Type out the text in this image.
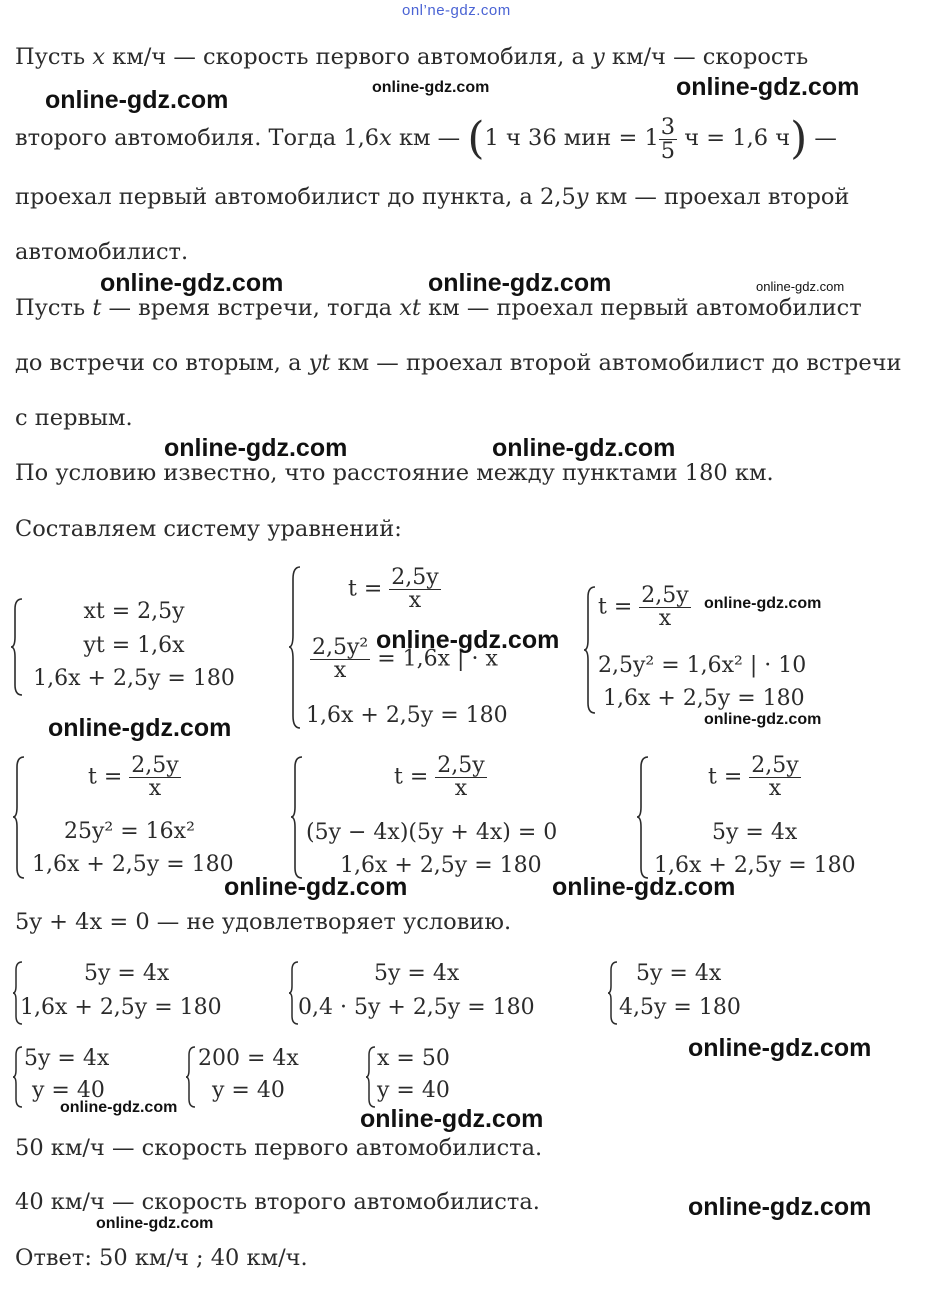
onl’ne-gdz.com
Пусть x км/ч — скорость первого автомобиля, а y км/ч — скорость
второго автомобиля. Тогда 1,6x км — (1 ч 36 мин = $1 \frac{3}{5}$ ч = 1,6 ч) —
проехал первый автомобилист до пункта, а 2,5y км — проехал второй
автомобилист.
Пусть t — время встречи, тогда xt км — проехал первый автомобилист
до встречи со вторым, а yt км — проехал второй автомобилист до встречи
с первым.
По условию известно, что расстояние между пунктами 180 км.
Составляем систему уравнений:
xt = 2,5y
yt = 1,6x
1,6x + 2,5y = 180
$t = \frac{2,5y}{x}$
$\frac{\text{2,5y²}}{x} = 1,6x$ | · x
1,6x + 2,5y = 180
$t = \frac{2,5y}{x}$
2,5y² = 1,6x² | · 10
1,6x + 2,5y = 180
$t = \frac{2,5y}{x}$
25y² = 16x²
1,6x + 2,5y = 180
$t = \frac{2,5y}{x}$
(5y − 4x)(5y + 4x) = 0
1,6x + 2,5y = 180
$t = \frac{2,5y}{x}$
5y = 4x
1,6x + 2,5y = 180
5y + 4x = 0 — не удовлетворяет условию.
5y = 4x
1,6x + 2,5y = 180
5y = 4x
0,4 · 5y + 2,5y = 180
5y = 4x
4,5y = 180
5y = 4x
y = 40
200 = 4x
y = 40
x = 50
y = 40
50 км/ч — скорость первого автомобилиста.
40 км/ч — скорость второго автомобилиста.
Ответ: 50 км/ч ; 40 км/ч.
online-gdz.com	online-gdz.com	online-gdz.com
online-gdz.com	online-gdz.com	online-gdz.com
online-gdz.com	online-gdz.com
online-gdz.com
online-gdz.com
online-gdz.com
online-gdz.com
online-gdz.com	online-gdz.com
online-gdz.com
online-gdz.com	online-gdz.com
online-gdz.com
online-gdz.com
